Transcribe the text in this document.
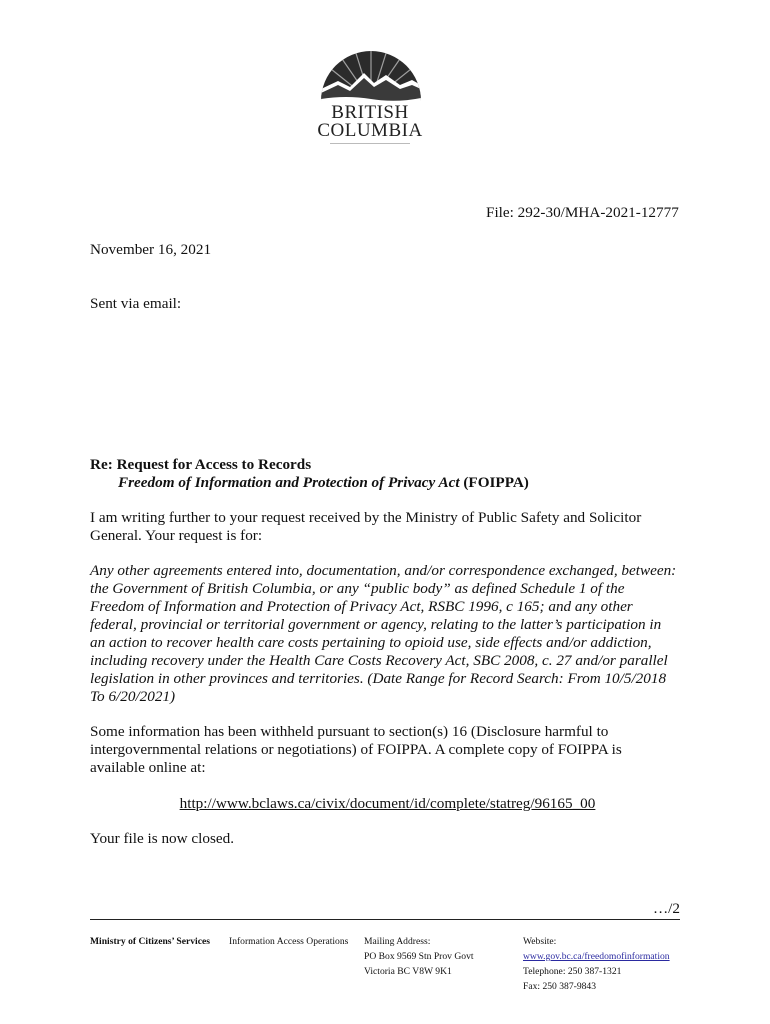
BRITISH
COLUMBIA
File: 292-30/MHA-2021-12777
November 16, 2021
Sent via email:
Re: Request for Access to Records
Freedom of Information and Protection of Privacy Act (FOIPPA)
I am writing further to your request received by the Ministry of Public Safety and Solicitor
General. Your request is for:
Any other agreements entered into, documentation, and/or correspondence exchanged, between:
the Government of British Columbia, or any “public body” as defined Schedule 1 of the
Freedom of Information and Protection of Privacy Act, RSBC 1996, c 165; and any other
federal, provincial or territorial government or agency, relating to the latter’s participation in
an action to recover health care costs pertaining to opioid use, side effects and/or addiction,
including recovery under the Health Care Costs Recovery Act, SBC 2008, c. 27 and/or parallel
legislation in other provinces and territories. (Date Range for Record Search: From 10/5/2018
To 6/20/2021)
Some information has been withheld pursuant to section(s) 16 (Disclosure harmful to
intergovernmental relations or negotiations) of FOIPPA. A complete copy of FOIPPA is
available online at:
http://www.bclaws.ca/civix/document/id/complete/statreg/96165_00
Your file is now closed.
…/2
Ministry of Citizens’ Services Information Access Operations Mailing Address:
PO Box 9569 Stn Prov Govt
Victoria BC V8W 9K1
Website:
www.gov.bc.ca/freedomofinformation
Telephone: 250 387-1321
Fax: 250 387-9843
